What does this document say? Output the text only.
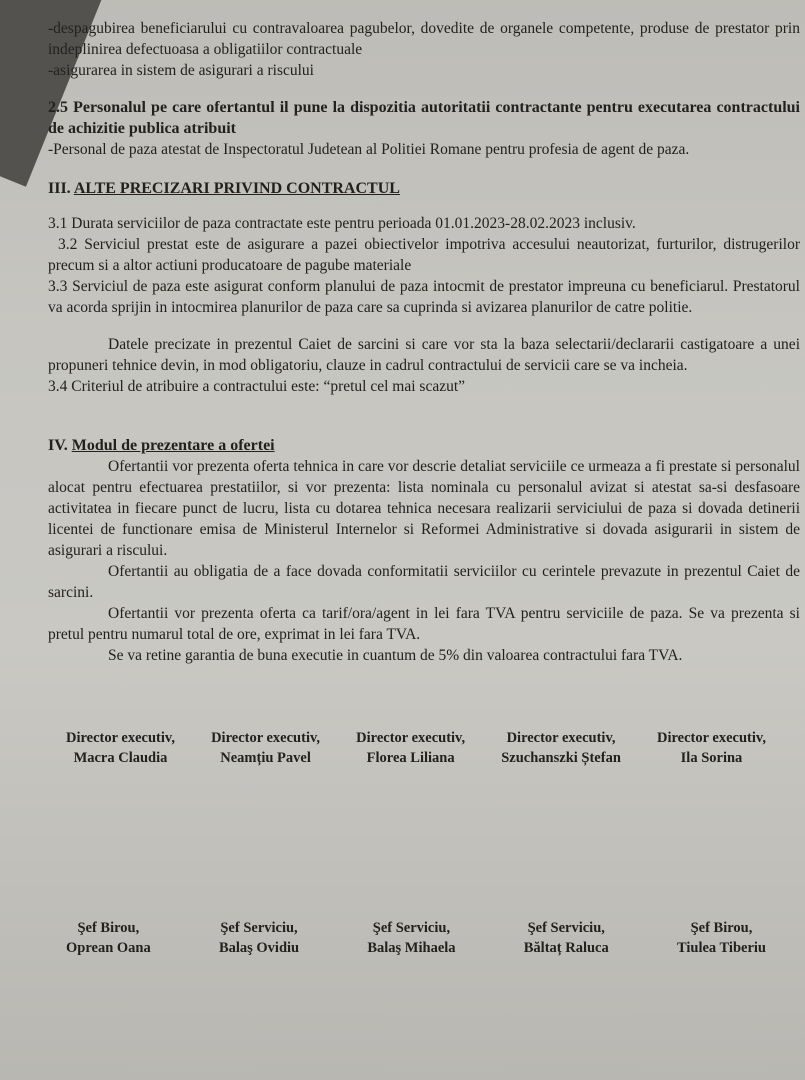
-despagubirea beneficiarului cu contravaloarea pagubelor, dovedite de organele competente, produse de prestator prin indeplinirea defectuoasa a obligatiilor contractuale

-asigurarea in sistem de asigurari a riscului

2.5 Personalul pe care ofertantul il pune la dispozitia autoritatii contractante pentru executarea contractului de achizitie publica atribuit

-Personal de paza atestat de Inspectoratul Judetean al Politiei Romane pentru profesia de agent de paza.

III. ALTE PRECIZARI PRIVIND CONTRACTUL

3.1 Durata serviciilor de paza contractate este pentru perioada 01.01.2023-28.02.2023 inclusiv.

3.2 Serviciul prestat este de asigurare a pazei obiectivelor impotriva accesului neautorizat, furturilor, distrugerilor precum si a altor actiuni producatoare de pagube materiale

3.3 Serviciul de paza este asigurat conform planului de paza intocmit de prestator impreuna cu beneficiarul. Prestatorul va acorda sprijin in intocmirea planurilor de paza care sa cuprinda si avizarea planurilor de catre politie.

Datele precizate in prezentul Caiet de sarcini si care vor sta la baza selectarii/declararii castigatoare a unei propuneri tehnice devin, in mod obligatoriu, clauze in cadrul contractului de servicii care se va incheia.

3.4 Criteriul de atribuire a contractului este: “pretul cel mai scazut”

IV. Modul de prezentare a ofertei

Ofertantii vor prezenta oferta tehnica in care vor descrie detaliat serviciile ce urmeaza a fi prestate si personalul alocat pentru efectuarea prestatiilor, si vor prezenta: lista nominala cu personalul avizat si atestat sa-si desfasoare activitatea in fiecare punct de lucru, lista cu dotarea tehnica necesara realizarii serviciului de paza si dovada detinerii licentei de functionare emisa de Ministerul Internelor si Reformei Administrative si dovada asigurarii in sistem de asigurari a riscului.

Ofertantii au obligatia de a face dovada conformitatii serviciilor cu cerintele prevazute in prezentul Caiet de sarcini.

Ofertantii vor prezenta oferta ca tarif/ora/agent in lei fara TVA pentru serviciile de paza. Se va prezenta si pretul pentru numarul total de ore, exprimat in lei fara TVA.

Se va retine garantia de buna executie in cuantum de 5% din valoarea contractului fara TVA.

Director executiv,
Macra Claudia
Director executiv,
Neamțiu Pavel
Director executiv,
Florea Liliana
Director executiv,
Szuchanszki Ștefan
Director executiv,
Ila Sorina
Şef Birou,
Oprean Oana
Şef Serviciu,
Balaş Ovidiu
Şef Serviciu,
Balaş Mihaela
Şef Serviciu,
Băltaț Raluca
Şef Birou,
Tiulea Tiberiu
